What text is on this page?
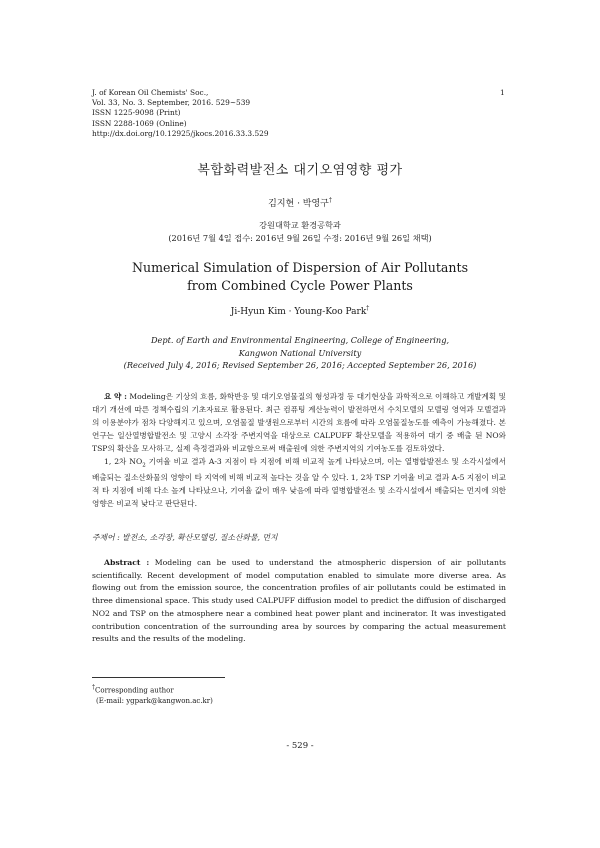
J. of Korean Oil Chemists' Soc.,
Vol. 33, No. 3. September, 2016. 529~539
ISSN 1225-9098 (Print)
ISSN 2288-1069 (Online)
http://dx.doi.org/10.12925/jkocs.2016.33.3.529
1
복합화력발전소 대기오염영향 평가
김지현 · 박영구†
강원대학교 환경공학과
(2016년 7월 4일 접수: 2016년 9월 26일 수정: 2016년 9월 26일 채택)
Numerical Simulation of Dispersion of Air Pollutants
from Combined Cycle Power Plants
Ji-Hyun Kim · Young-Koo Park†
Dept. of Earth and Environmental Engineering, College of Engineering,
Kangwon National University
(Received July 4, 2016; Revised September 26, 2016; Accepted September 26, 2016)

요 약 : Modeling은 기상의 흐름, 화학반응 및 대기오염물질의 형성과정 등 대기현상을 과학적으로 이해하고 개발계획 및 대기 개선에 따른 정책수립의 기초자료로 활용된다. 최근 컴퓨팅 계산능력이 발전하면서 수치모델의 모델링 영역과 모델결과의 이용분야가 점차 다양해지고 있으며, 오염물질 발생원으로부터 시간의 흐름에 따라 오염물질농도를 예측이 가능해졌다. 본 연구는 일산열병합발전소 및 고양시 소각장 주변지역을 대상으로 CALPUFF 확산모델을 적용하여 대기 중 배출 된 NO와 TSP의 확산을 모사하고, 실제 측정결과와 비교함으로써 배출원에 의한 주변지역의 기여농도를 검토하였다.

1, 2차 $NO_2$ 기여율 비교 결과 A-3 지점이 타 지점에 비해 비교적 높게 나타났으며, 이는 열병합발전소 및 소각시설에서 배출되는 질소산화물의 영향이 타 지역에 비해 비교적 높다는 것을 알 수 있다. 1, 2차 TSP 기여율 비교 결과 A-5 지점이 비교적 타 지점에 비해 다소 높게 나타났으나, 기여율 값이 매우 낮음에 따라 열병합발전소 및 소각시설에서 배출되는 먼지에 의한 영향은 비교적 낮다고 판단된다.

주제어 : 발전소, 소각장, 확산모델링, 질소산화물, 먼지

Abstract : Modeling can be used to understand the atmospheric dispersion of air pollutants scientifically. Recent development of model computation enabled to simulate more diverse area. As flowing out from the emission source, the concentration profiles of air pollutants could be estimated in three dimensional space. This study used CALPUFF diffusion model to predict the diffusion of discharged NO2 and TSP on the atmosphere near a combined heat power plant and incinerator. It was investigated contribution concentration of the surrounding area by sources by comparing the actual measurement results and the results of the modeling.

†Corresponding author
(E-mail: ygpark@kangwon.ac.kr)
- 529 -
